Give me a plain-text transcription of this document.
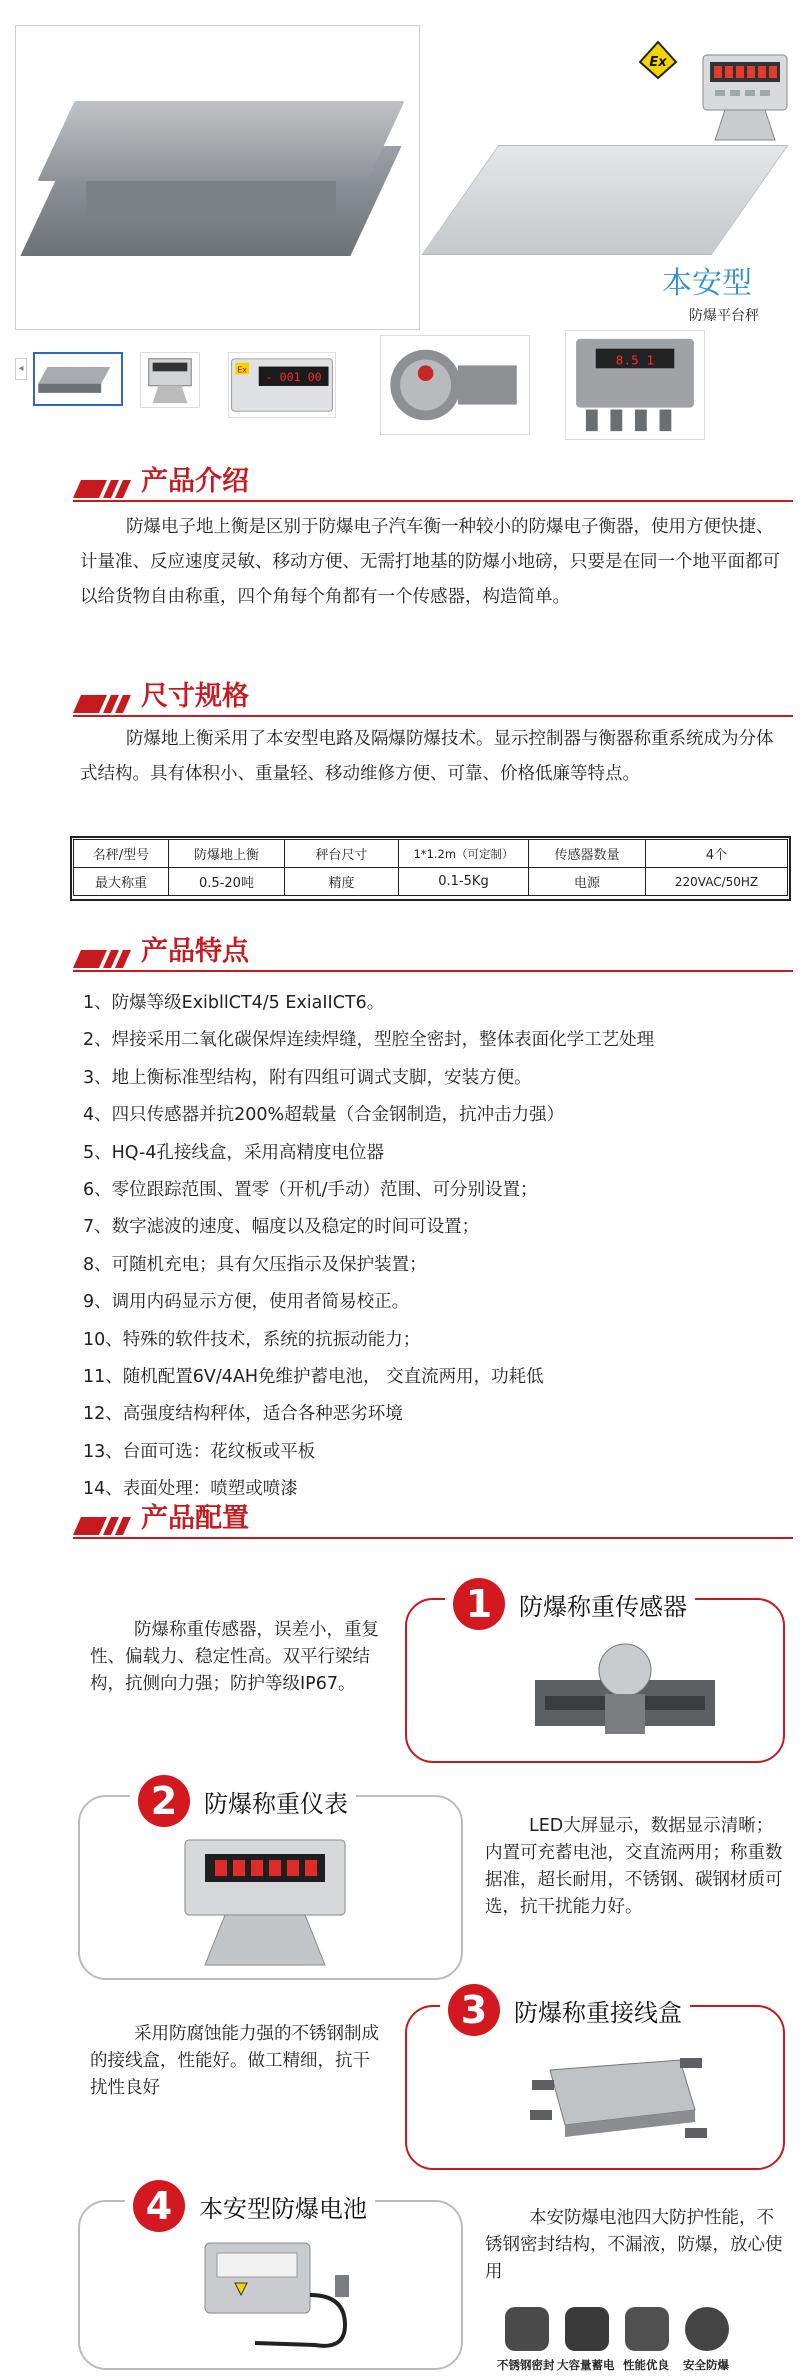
Ex
本安型
防爆平台秤
◂	Ex
- 001 00
8.5 1
产品介绍
防爆电子地上衡是区别于防爆电子汽车衡一种较小的防爆电子衡器，使用方便快捷、计量准、反应速度灵敏、移动方便、无需打地基的防爆小地磅，只要是在同一个地平面都可以给货物自由称重，四个角每个角都有一个传感器，构造简单。
尺寸规格
防爆地上衡采用了本安型电路及隔爆防爆技术。显示控制器与衡器称重系统成为分体式结构。具有体积小、重量轻、移动维修方便、可靠、价格低廉等特点。
名秤/型号	防爆地上衡	秤台尺寸	1*1.2m（可定制）	传感器数量	4个
最大称重	0.5-20吨	精度	0.1-5Kg	电源	220VAC/50HZ
产品特点
1、防爆等级ExibllCT4/5 ExiaIICT6。
2、焊接采用二氧化碳保焊连续焊缝，型腔全密封，整体表面化学工艺处理
3、地上衡标准型结构，附有四组可调式支脚，安装方便。
4、四只传感器并抗200%超载量（合金钢制造，抗冲击力强）
5、HQ-4孔接线盒，采用高精度电位器
6、零位跟踪范围、置零（开机/手动）范围、可分别设置；
7、数字滤波的速度、幅度以及稳定的时间可设置；
8、可随机充电；具有欠压指示及保护装置；
9、调用内码显示方便，使用者简易校正。
10、特殊的软件技术，系统的抗振动能力；
11、随机配置6V/4AH免维护蓄电池， 交直流两用，功耗低
12、高强度结构秤体，适合各种恶劣环境
13、台面可选：花纹板或平板
14、表面处理：喷塑或喷漆
产品配置
1	防爆称重传感器
防爆称重传感器，误差小，重复性、偏载力、稳定性高。双平行梁结构，抗侧向力强；防护等级IP67。
2	防爆称重仪表
LED大屏显示，数据显示清晰；内置可充蓄电池，交直流两用；称重数据准，超长耐用，不锈钢、碳钢材质可选，抗干扰能力好。
3	防爆称重接线盒
采用防腐蚀能力强的不锈钢制成的接线盒，性能好。做工精细，抗干扰性良好
4	本安型防爆电池	本安防爆电池四大防护性能，不锈钢密封结构，不漏液，防爆，放心使用
不锈钢密封 大容量蓄电 性能优良 安全防爆
